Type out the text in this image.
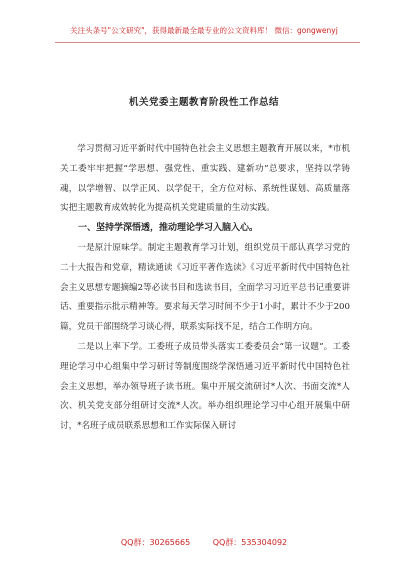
关注头条号"公文研究"，获得最新最全最专业的公文资料库！ 微信：gongwenyj
机关党委主题教育阶段性工作总结

学习贯彻习近平新时代中国特色社会主义思想主题教育开展以来，*市机关工委牢牢把握“学思想、强党性、重实践、建新功”总要求，坚持以学铸魂，以学增智、以学正风、以学促干，全方位对标、系统性谋划、高质量落实把主题教育成效转化为提高机关党建质量的生动实践。

一、坚持学深悟透，推动理论学习入脑入心。

一是原汁原味学。制定主题教育学习计划，组织党员干部认真学习党的二十大报告和党章，精读通读《习近平著作选读》《习近平新时代中国特色社会主义思想专题摘编2等必读书目和选读书目，全面学习习近平总书记重要讲话、重要指示批示精神等。要求每天学习时间不少于1小时，累计不少于200篇，党员干部围绕学习谈心得，联系实际找不足，结合工作明方向。

二是以上率下学。工委班子成员带头落实工委委员会“第一议题”。工委理论学习中心组集中学习研讨等制度围绕学深悟通习近平新时代中国特色社会主义思想，举办领导班子读书班。集中开展交流研讨*人次、书面交流*人次、机关党支部分组研讨交流*人次。举办组织理论学习中心组开展集中研讨，*名班子成员联系思想和工作实际保入研讨

QQ群：30265665	QQ群：535304092
